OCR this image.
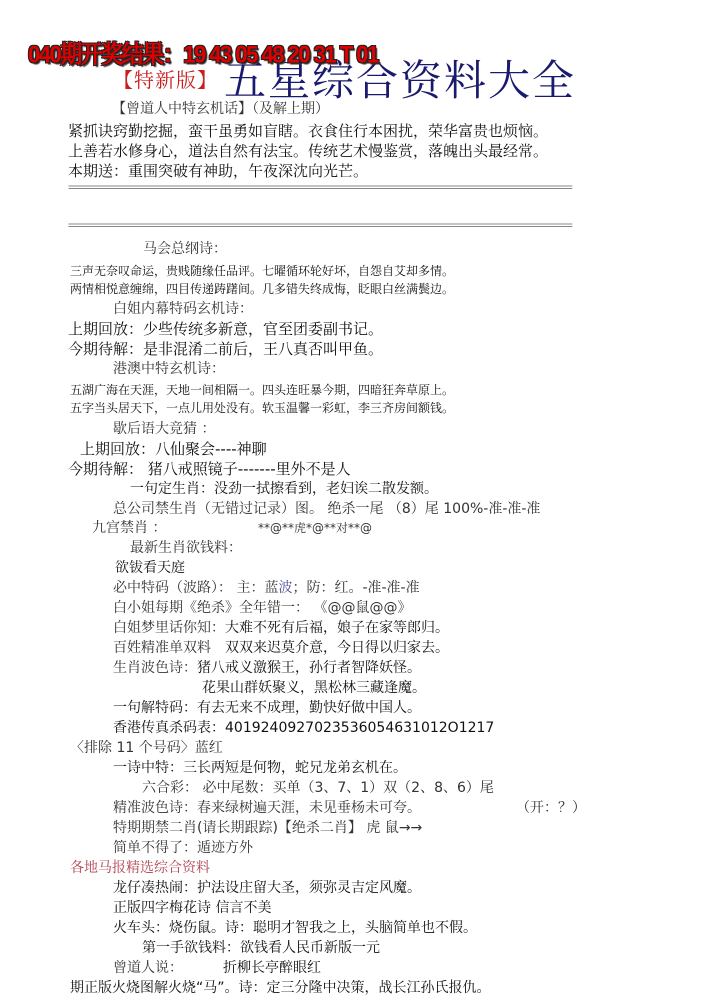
040期开奖结果：19 43 05 48 20 31 T 01
【特新版】 五星综合资料大全
【曾道人中特玄机话】（及解上期）
紧抓诀窍勤挖掘，蛮干虽勇如盲瞎。衣食住行本困扰，荣华富贵也烦恼。
上善若水修身心，道法自然有法宝。传统艺术慢鉴赏，落魄出头最经常。
本期送：重围突破有神助，午夜深沈向光芒。
=====================================================================================
=====================================================================================
马会总纲诗：
三声无奈叹命运，贵贱随缘任品评。七曜循环轮好坏，自怨自艾却多情。
两情相悦意缠绵，四目传递踌躇间。几多错失终成悔，眨眼白丝满鬓边。
白姐内幕特码玄机诗：
上期回放：少些传统多新意，官至团委副书记。
今期待解：是非混淆二前后，王八真否叫甲鱼。
港澳中特玄机诗：
五湖广海在天涯，天地一间相隔一。四头连旺暴今期，四暗狂奔草原上。
五字当头居天下，一点儿用处没有。软玉温馨一彩虹，李三齐房间额钱。
歇后语大竞猜 ：
上期回放：八仙聚会----神聊
今期待解： 猪八戒照镜子-------里外不是人
一句定生肖：没劲一拭擦看到，老妇诶二散发额。
总公司禁生肖（无错过记录）图。 绝杀一尾 （8）尾 100%-准-准-准
九宫禁肖 ：	**@**虎*@**对**@
最新生肖欲钱料：
欲钹看天庭
必中特码（波路）： 主：蓝波；防：红。-准-准-准
白小姐每期《绝杀》全年错一： 《@@鼠@@》
白姐梦里话你知：大难不死有后福，娘子在家等郎归。
百姓精准单双料 双双来迟莫介意，今日得以归家去。
生肖波色诗：猪八戒义激猴王，孙行者智降妖怪。
花果山群妖聚义，黑松林三藏逢魔。
一句解特码：有去无来不成理，勤快好做中国人。
香港传真杀码表：4019240927023536054631012O1217
〈排除 11 个号码〉蓝红
一诗中特：三长两短是何物，蛇兄龙弟玄机在。
六合彩： 必中尾数：买单（3、7、1）双（2、8、6）尾
精准波色诗：春来绿树遍天涯，未见垂杨未可夸。	（开：？）
特期期禁二肖(请长期跟踪)【绝杀二肖】 虎 鼠→→
简单不得了：遁迹方外
各地马报精选综合资料
龙仔凑热闹：护法设庄留大圣，须弥灵吉定风魔。
正版四字梅花诗 信言不美
火车头：烧伤鼠。诗：聪明才智我之上，头脑简单也不假。
第一手欲钱料：欲钱看人民币新版一元
曾道人说：	折柳长亭醉眼红
期正版火烧图解火烧“马”。诗：定三分隆中决策，战长江孙氏报仇。
